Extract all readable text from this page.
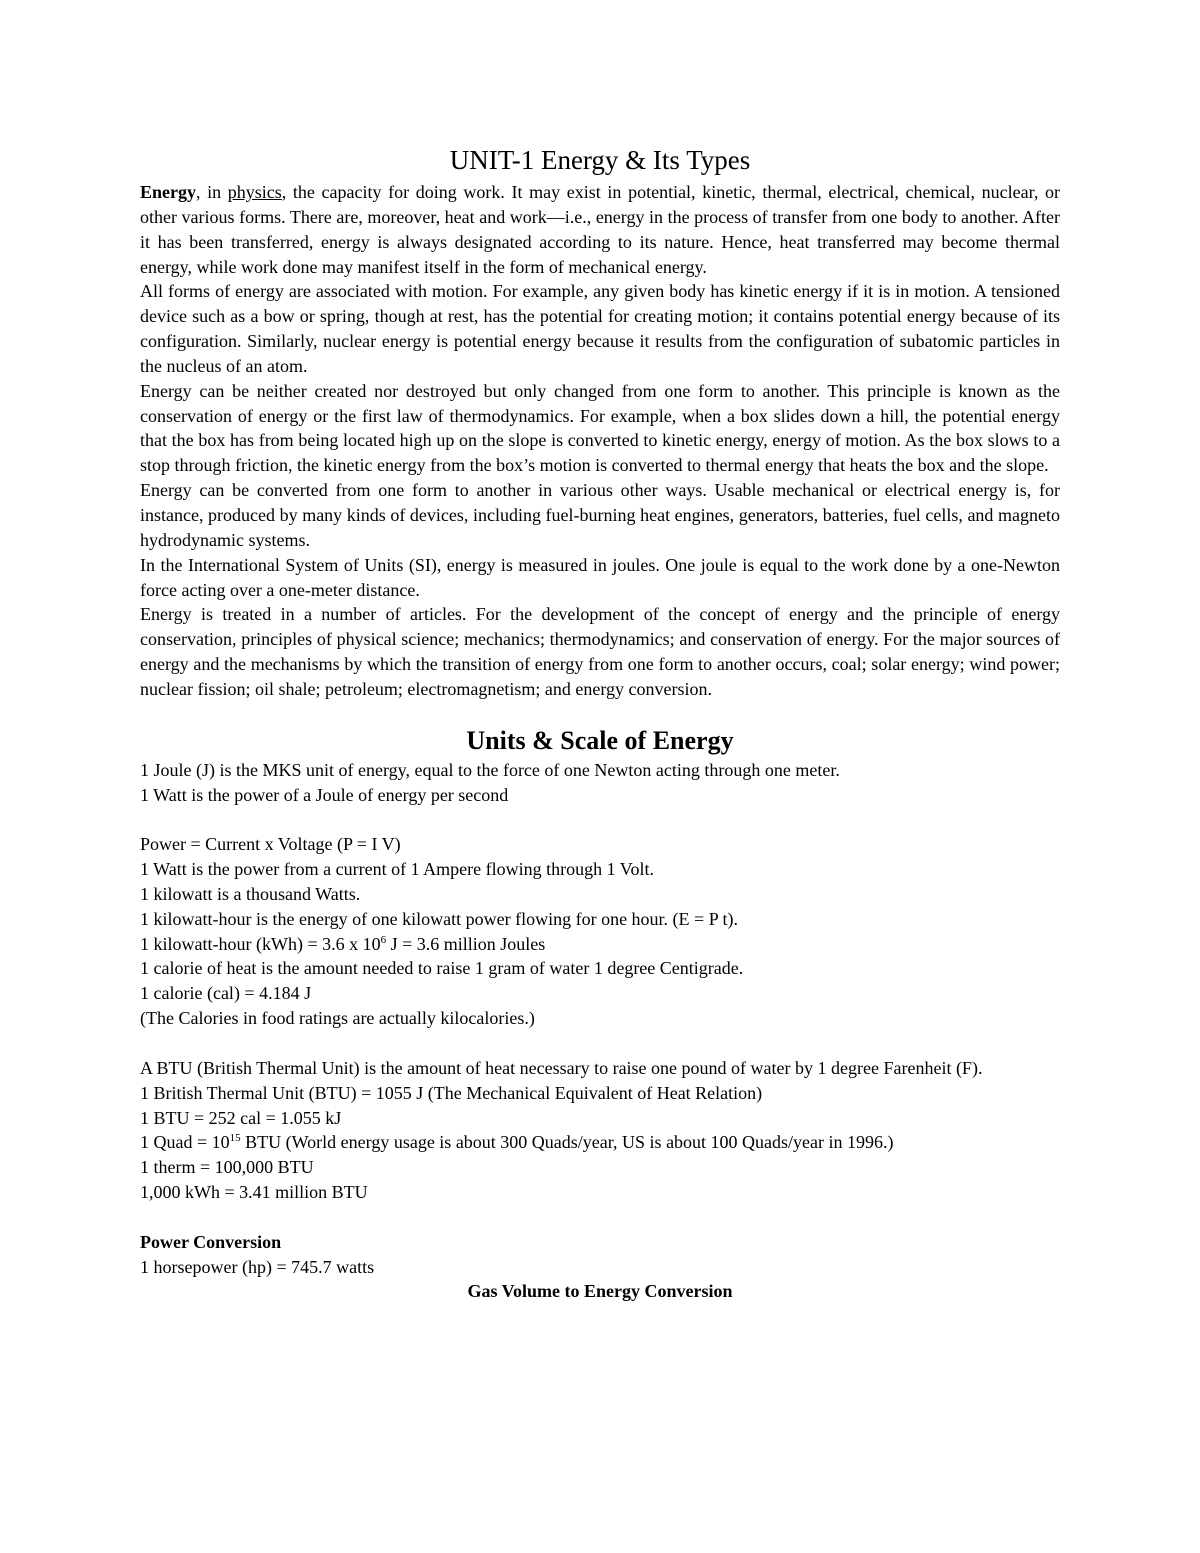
UNIT-1 Energy & Its Types

Energy, in physics, the capacity for doing work. It may exist in potential, kinetic, thermal, electrical, chemical, nuclear, or other various forms. There are, moreover, heat and work—i.e., energy in the process of transfer from one body to another. After it has been transferred, energy is always designated according to its nature. Hence, heat transferred may become thermal energy, while work done may manifest itself in the form of mechanical energy.

All forms of energy are associated with motion. For example, any given body has kinetic energy if it is in motion. A tensioned device such as a bow or spring, though at rest, has the potential for creating motion; it contains potential energy because of its configuration. Similarly, nuclear energy is potential energy because it results from the configuration of subatomic particles in the nucleus of an atom.

Energy can be neither created nor destroyed but only changed from one form to another. This principle is known as the conservation of energy or the first law of thermodynamics. For example, when a box slides down a hill, the potential energy that the box has from being located high up on the slope is converted to kinetic energy, energy of motion. As the box slows to a stop through friction, the kinetic energy from the box’s motion is converted to thermal energy that heats the box and the slope.

Energy can be converted from one form to another in various other ways. Usable mechanical or electrical energy is, for instance, produced by many kinds of devices, including fuel-burning heat engines, generators, batteries, fuel cells, and magneto hydrodynamic systems.

In the International System of Units (SI), energy is measured in joules. One joule is equal to the work done by a one-Newton force acting over a one-meter distance.

Energy is treated in a number of articles. For the development of the concept of energy and the principle of energy conservation, principles of physical science; mechanics; thermodynamics; and conservation of energy. For the major sources of energy and the mechanisms by which the transition of energy from one form to another occurs, coal; solar energy; wind power; nuclear fission; oil shale; petroleum; electromagnetism; and energy conversion.

Units & Scale of Energy

1 Joule (J) is the MKS unit of energy, equal to the force of one Newton acting through one meter.

1 Watt is the power of a Joule of energy per second

Power = Current x Voltage (P = I V)

1 Watt is the power from a current of 1 Ampere flowing through 1 Volt.

1 kilowatt is a thousand Watts.

1 kilowatt-hour is the energy of one kilowatt power flowing for one hour. (E = P t).

1 kilowatt-hour (kWh) = 3.6 x $10^6$ J = 3.6 million Joules

1 calorie of heat is the amount needed to raise 1 gram of water 1 degree Centigrade.

1 calorie (cal) = 4.184 J

(The Calories in food ratings are actually kilocalories.)

A BTU (British Thermal Unit) is the amount of heat necessary to raise one pound of water by 1 degree Farenheit (F).

1 British Thermal Unit (BTU) = 1055 J (The Mechanical Equivalent of Heat Relation)

1 BTU = 252 cal = 1.055 kJ

1 Quad = $10^{15}$ BTU (World energy usage is about 300 Quads/year, US is about 100 Quads/year in 1996.)

1 therm = 100,000 BTU

1,000 kWh = 3.41 million BTU

Power Conversion

1 horsepower (hp) = 745.7 watts

Gas Volume to Energy Conversion
